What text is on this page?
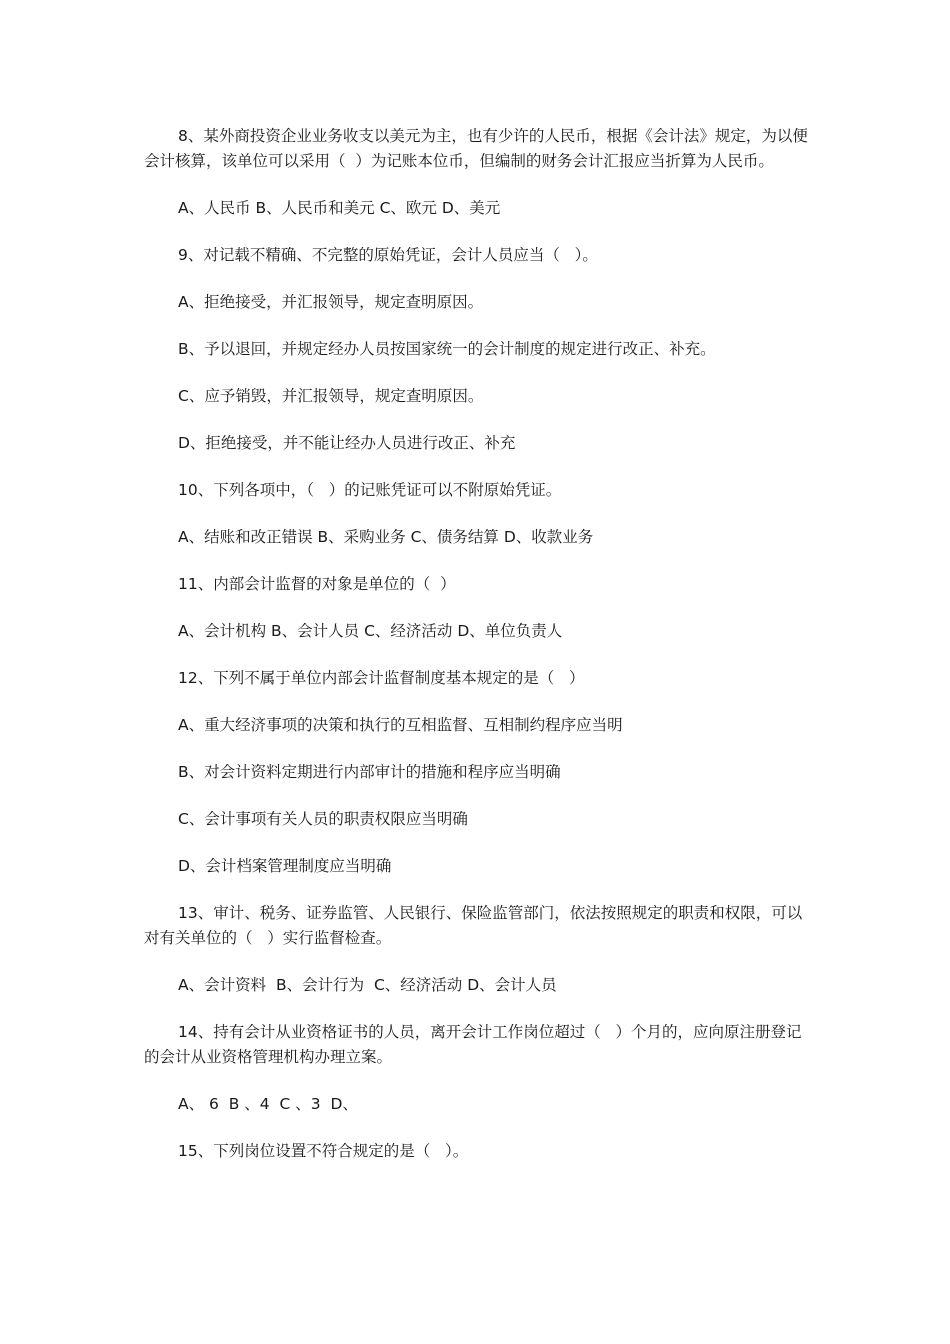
8、某外商投资企业业务收支以美元为主，也有少许的人民币，根据《会计法》规定，为以便会计核算，该单位可以采用（  ）为记账本位币，但编制的财务会计汇报应当折算为人民币。

A、人民币 B、人民币和美元 C、欧元 D、美元

9、对记载不精确、不完整的原始凭证，会计人员应当（   ）。

A、拒绝接受，并汇报领导，规定查明原因。

B、予以退回，并规定经办人员按国家统一的会计制度的规定进行改正、补充。

C、应予销毁，并汇报领导，规定查明原因。

D、拒绝接受，并不能让经办人员进行改正、补充

10、下列各项中，（   ）的记账凭证可以不附原始凭证。

A、结账和改正错误 B、采购业务 C、债务结算 D、收款业务

11、内部会计监督的对象是单位的（  ）

A、会计机构 B、会计人员 C、经济活动 D、单位负责人

12、下列不属于单位内部会计监督制度基本规定的是（   ）

A、重大经济事项的决策和执行的互相监督、互相制约程序应当明

B、对会计资料定期进行内部审计的措施和程序应当明确

C、会计事项有关人员的职责权限应当明确

D、会计档案管理制度应当明确

13、审计、税务、证券监管、人民银行、保险监管部门，依法按照规定的职责和权限，可以对有关单位的（   ）实行监督检查。

A、会计资料  B、会计行为  C、经济活动 D、会计人员

14、持有会计从业资格证书的人员，离开会计工作岗位超过（   ）个月的，应向原注册登记的会计从业资格管理机构办理立案。

A、 6  B 、4  C 、3  D、

15、下列岗位设置不符合规定的是（   ）。
